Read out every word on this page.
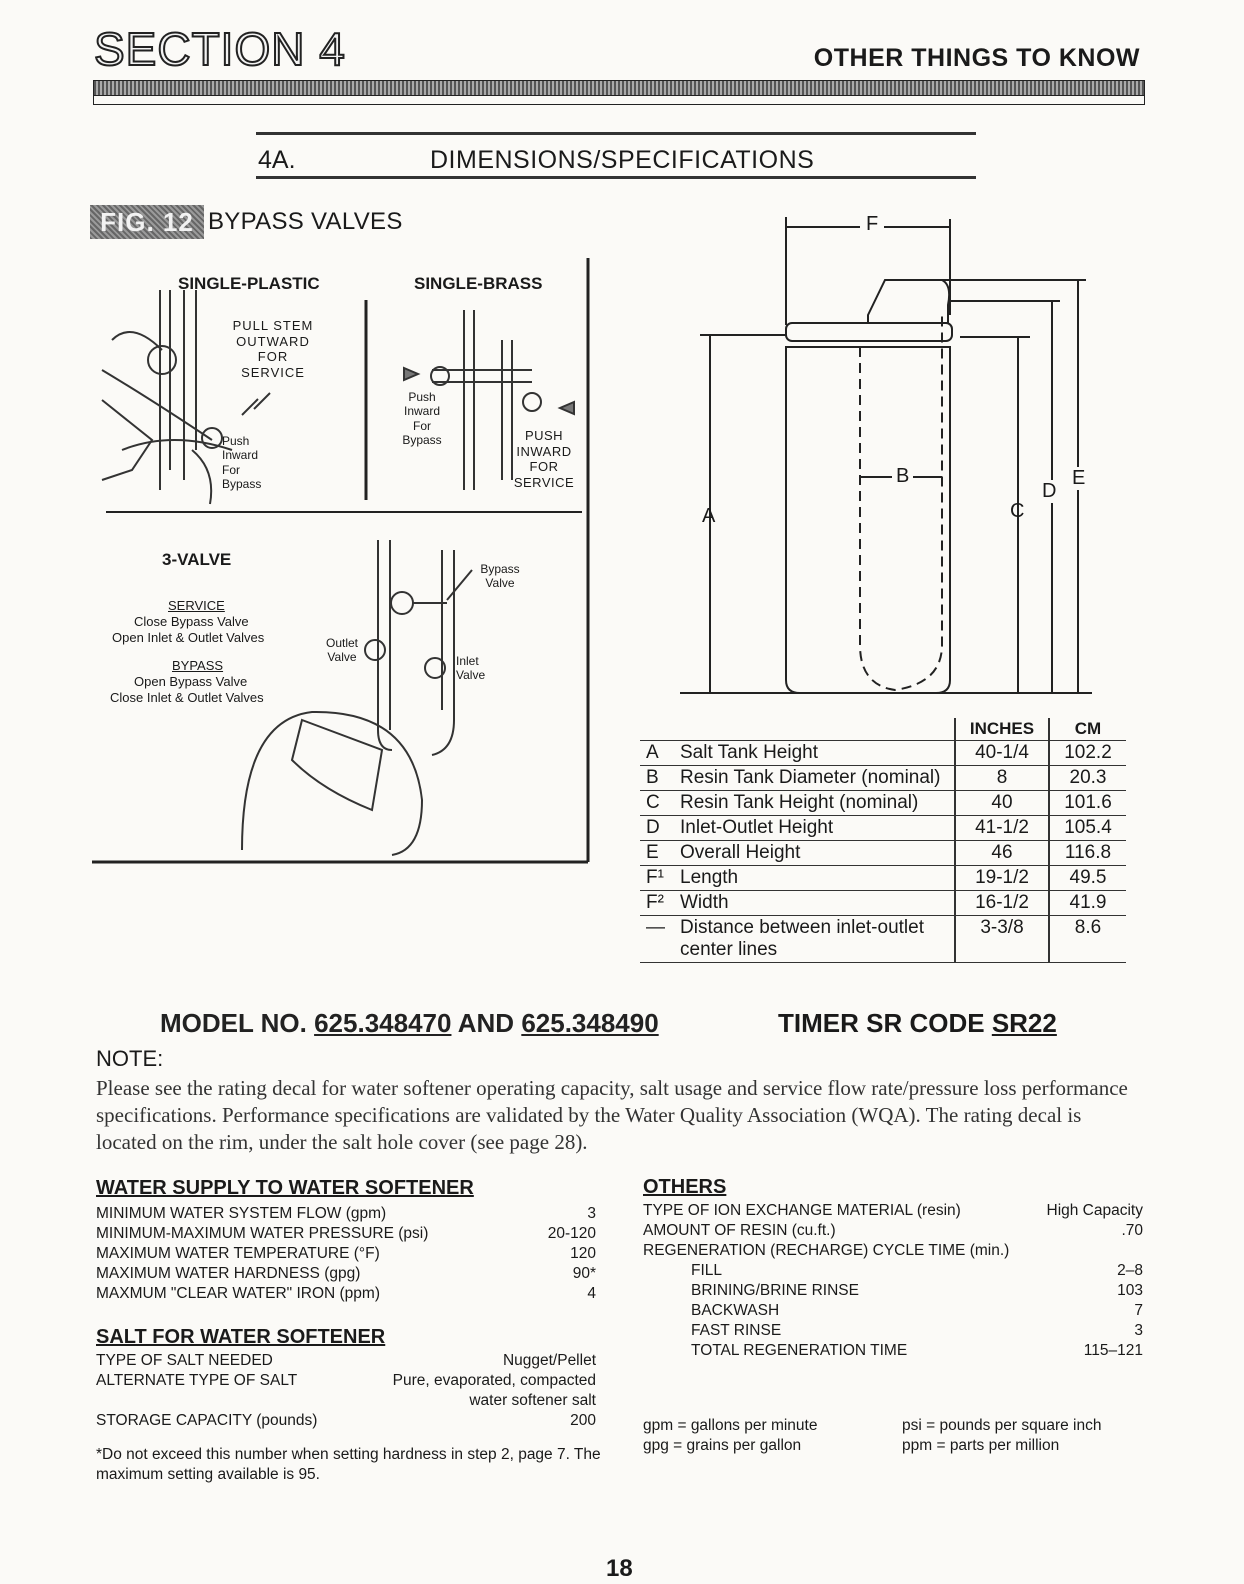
SECTION 4	OTHER THINGS TO KNOW
4A.	DIMENSIONS/SPECIFICATIONS
FIG. 12 BYPASS VALVES
SINGLE-PLASTIC	SINGLE-BRASS
PULL STEM
OUTWARD
FOR
SERVICE
Push
Inward
For
Bypass
Push
Inward
For
Bypass	PUSH
INWARD
FOR
SERVICE
3-VALVE
SERVICE
Close Bypass Valve
Open Inlet & Outlet Valves
BYPASS
Open Bypass Valve
Close Inlet & Outlet Valves
Bypass
Valve
Outlet
Valve	Inlet
Valve
F
B
A	C
D
E
		INCHES	CM
A	Salt Tank Height	40-1/4	102.2
B	Resin Tank Diameter (nominal)	8	20.3
C	Resin Tank Height (nominal)	40	101.6
D	Inlet-Outlet Height	41-1/2	105.4
E	Overall Height	46	116.8
F¹	Length	19-1/2	49.5
F²	Width	16-1/2	41.9
—	Distance between inlet-outlet center lines	3-3/8	8.6
MODEL NO. 625.348470 AND 625.348490	TIMER SR CODE SR22
NOTE:
Please see the rating decal for water softener operating capacity, salt usage and service flow rate/pressure loss performance specifications. Performance specifications are validated by the Water Quality Association (WQA). The rating decal is located on the rim, under the salt hole cover (see page 28).
WATER SUPPLY TO WATER SOFTENER
MINIMUM WATER SYSTEM FLOW (gpm)	3
MINIMUM-MAXIMUM WATER PRESSURE (psi)	20-120
MAXIMUM WATER TEMPERATURE (°F)	120
MAXIMUM WATER HARDNESS (gpg)	90*
MAXMUM "CLEAR WATER" IRON (ppm)	4
SALT FOR WATER SOFTENER
TYPE OF SALT NEEDED	Nugget/Pellet
ALTERNATE TYPE OF SALT	Pure, evaporated, compacted
water softener salt
STORAGE CAPACITY (pounds)	200
*Do not exceed this number when setting hardness in step 2, page 7. The maximum setting available is 95.
OTHERS
TYPE OF ION EXCHANGE MATERIAL (resin)	High Capacity
AMOUNT OF RESIN (cu.ft.)	.70
REGENERATION (RECHARGE) CYCLE TIME (min.)
FILL	2–8
BRINING/BRINE RINSE	103
BACKWASH	7
FAST RINSE	3
TOTAL REGENERATION TIME	115–121
gpm = gallons per minute
gpg = grains per gallon
psi = pounds per square inch
ppm = parts per million
18
